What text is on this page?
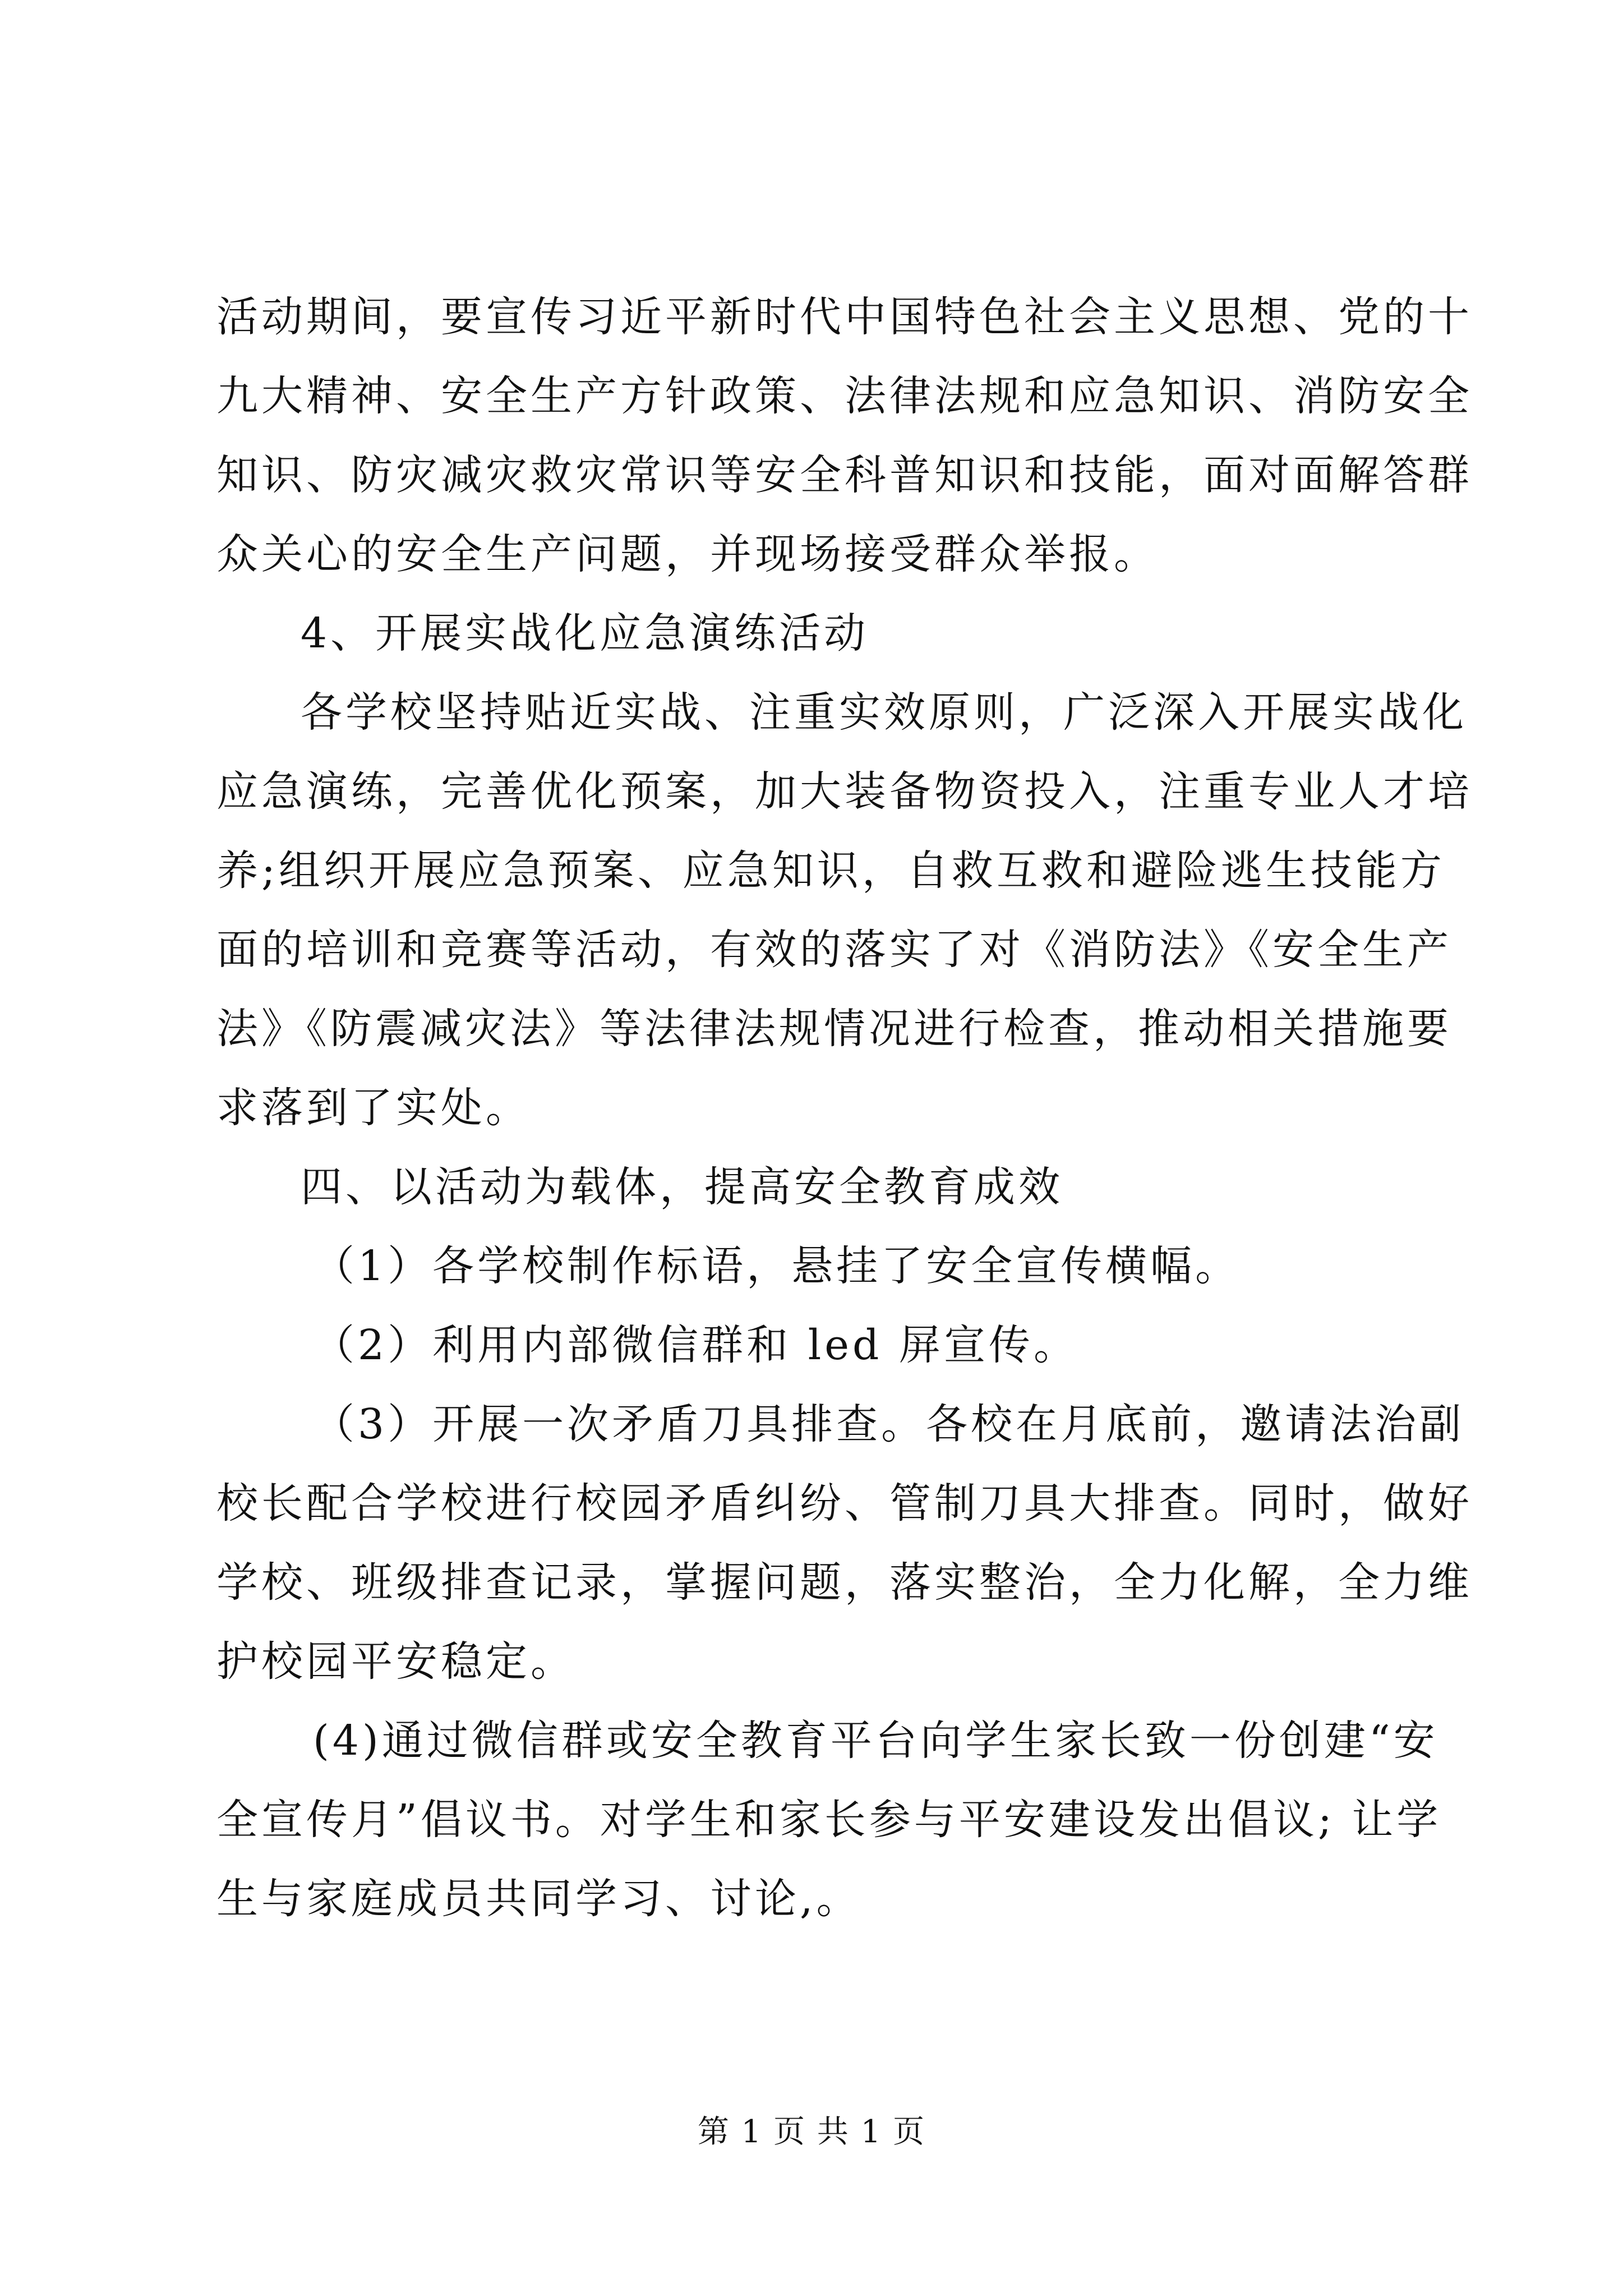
活动期间，要宣传习近平新时代中国特色社会主义思想、党的十
九大精神、安全生产方针政策、法律法规和应急知识、消防安全
知识、防灾减灾救灾常识等安全科普知识和技能，面对面解答群
众关心的安全生产问题，并现场接受群众举报。
4、开展实战化应急演练活动
各学校坚持贴近实战、注重实效原则，广泛深入开展实战化
应急演练，完善优化预案，加大装备物资投入，注重专业人才培
养;组织开展应急预案、应急知识，自救互救和避险逃生技能方
面的培训和竞赛等活动，有效的落实了对《消防法》《安全生产
法》《防震减灾法》等法律法规情况进行检查，推动相关措施要
求落到了实处。
四、以活动为载体，提高安全教育成效
（1）各学校制作标语，悬挂了安全宣传横幅。
（2）利用内部微信群和 led 屏宣传。
（3）开展一次矛盾刀具排查。各校在月底前，邀请法治副
校长配合学校进行校园矛盾纠纷、管制刀具大排查。同时，做好
学校、班级排查记录，掌握问题，落实整治，全力化解，全力维
护校园平安稳定。
(4)通过微信群或安全教育平台向学生家长致一份创建“安
全宣传月”倡议书。对学生和家长参与平安建设发出倡议; 让学
生与家庭成员共同学习、讨论,。
第 1 页 共 1 页
